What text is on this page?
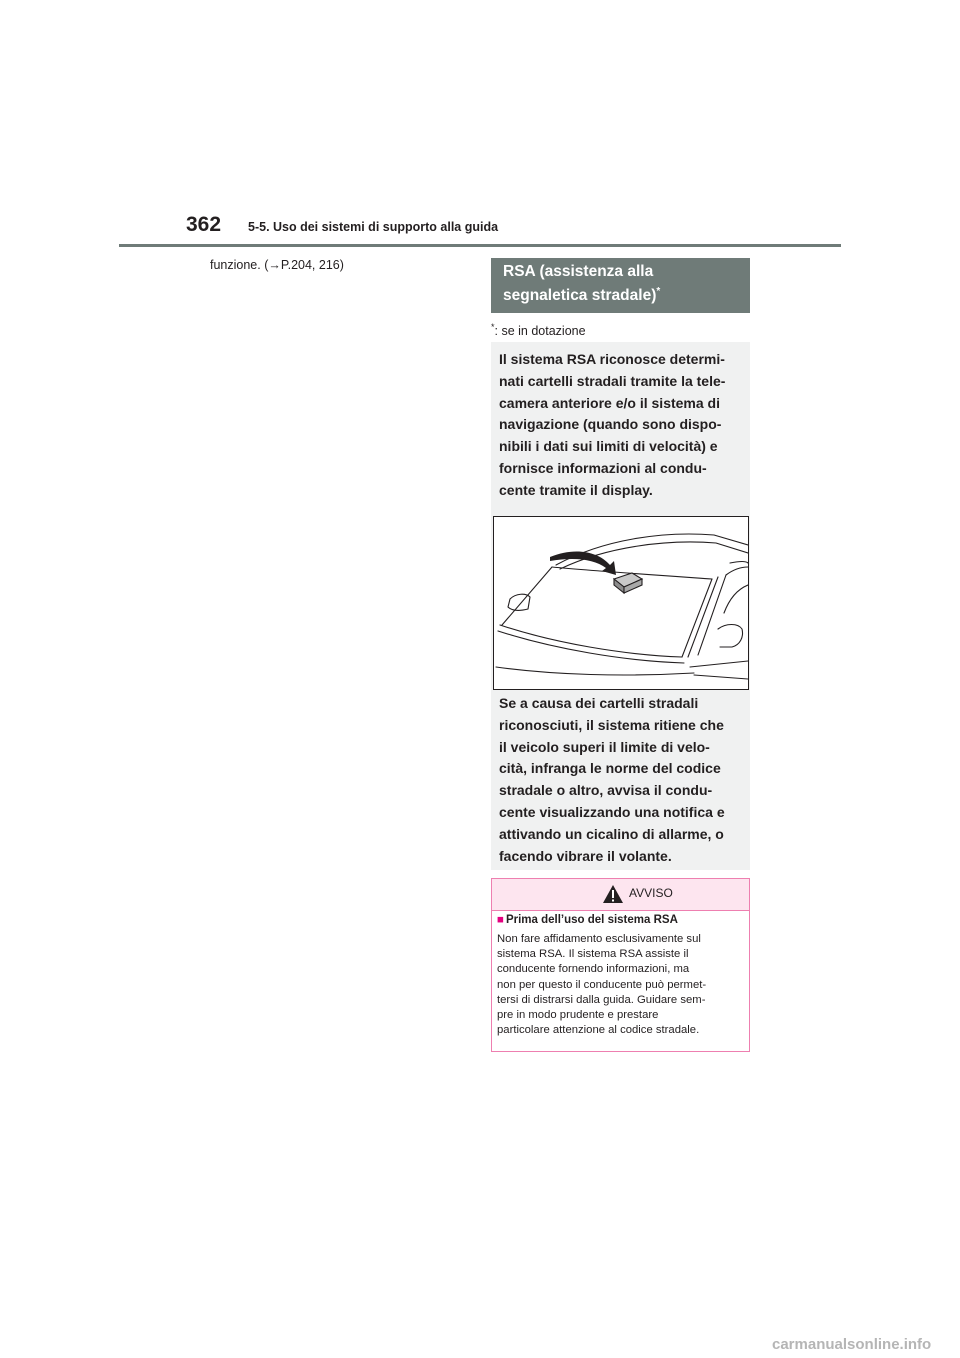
362 5-5. Uso dei sistemi di supporto alla guida
funzione. (→P.204, 216)	RSA (assistenza alla
segnaletica stradale)*
*: se in dotazione
Il sistema RSA riconosce determi-
nati cartelli stradali tramite la tele-
camera anteriore e/o il sistema di
navigazione (quando sono dispo-
nibili i dati sui limiti di velocità) e
fornisce informazioni al condu-
cente tramite il display.
Se a causa dei cartelli stradali
riconosciuti, il sistema ritiene che
il veicolo superi il limite di velo-
cità, infranga le norme del codice
stradale o altro, avvisa il condu-
cente visualizzando una notifica e
attivando un cicalino di allarme, o
facendo vibrare il volante.
AVVISO
■ Prima dell’uso del sistema RSA
Non fare affidamento esclusivamente sul
sistema RSA. Il sistema RSA assiste il
conducente fornendo informazioni, ma
non per questo il conducente può permet-
tersi di distrarsi dalla guida. Guidare sem-
pre in modo prudente e prestare
particolare attenzione al codice stradale.
carmanualsonline.info
